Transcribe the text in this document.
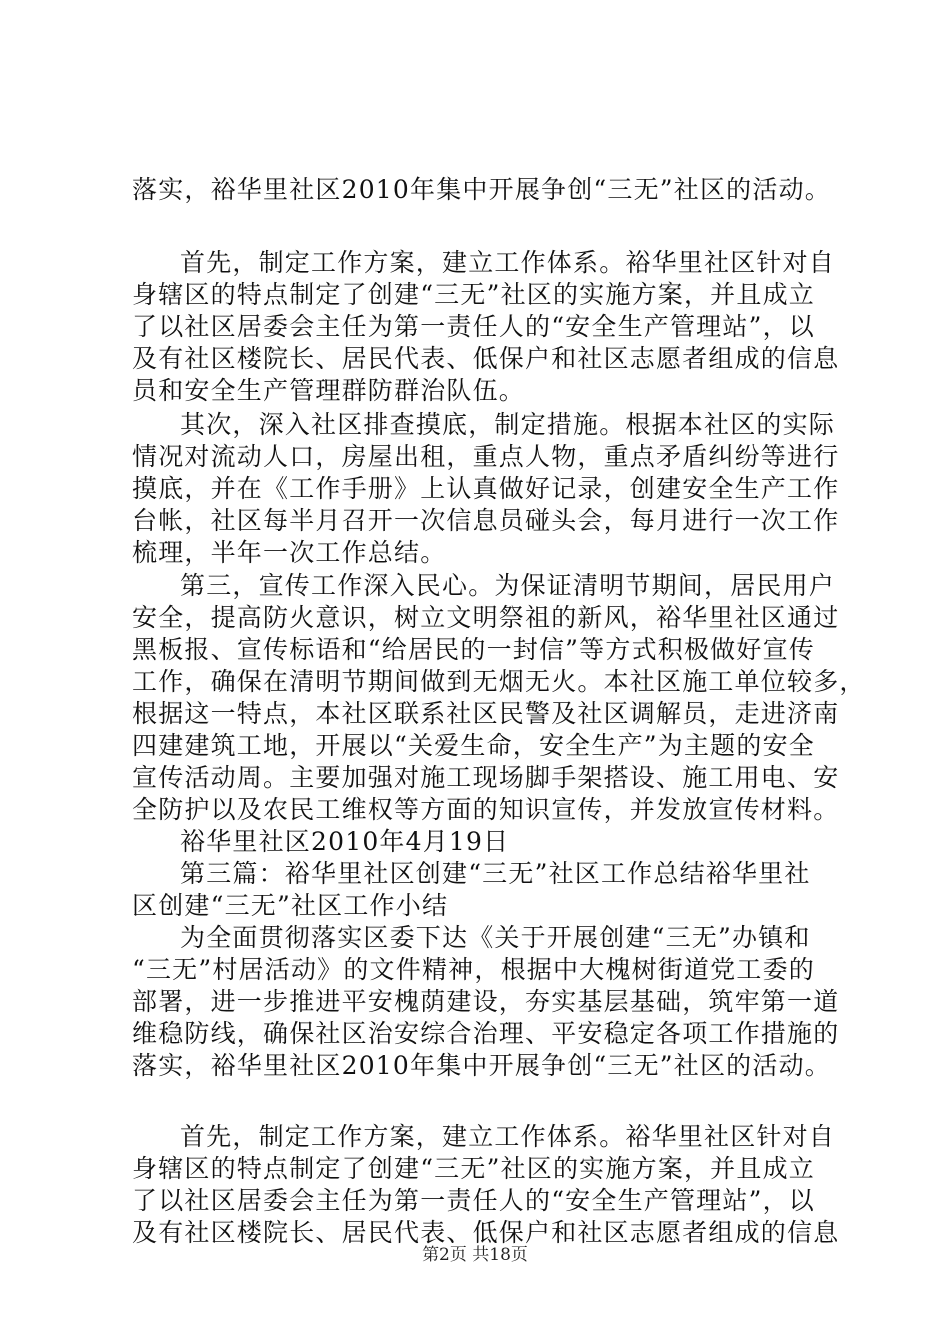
落实，裕华里社区2010年集中开展争创“三无”社区的活动。
首先，制定工作方案，建立工作体系。裕华里社区针对自
身辖区的特点制定了创建“三无”社区的实施方案，并且成立
了以社区居委会主任为第一责任人的“安全生产管理站”，以
及有社区楼院长、居民代表、低保户和社区志愿者组成的信息
员和安全生产管理群防群治队伍。
其次，深入社区排查摸底，制定措施。根据本社区的实际
情况对流动人口，房屋出租，重点人物，重点矛盾纠纷等进行
摸底，并在《工作手册》上认真做好记录，创建安全生产工作
台帐，社区每半月召开一次信息员碰头会，每月进行一次工作
梳理，半年一次工作总结。
第三，宣传工作深入民心。为保证清明节期间，居民用户
安全，提高防火意识，树立文明祭祖的新风，裕华里社区通过
黑板报、宣传标语和“给居民的一封信”等方式积极做好宣传
工作，确保在清明节期间做到无烟无火。本社区施工单位较多，
根据这一特点，本社区联系社区民警及社区调解员，走进济南
四建建筑工地，开展以“关爱生命，安全生产”为主题的安全
宣传活动周。主要加强对施工现场脚手架搭设、施工用电、安
全防护以及农民工维权等方面的知识宣传，并发放宣传材料。
裕华里社区2010年4月19日
第三篇：裕华里社区创建“三无”社区工作总结裕华里社
区创建“三无”社区工作小结
为全面贯彻落实区委下达《关于开展创建“三无”办镇和
“三无”村居活动》的文件精神，根据中大槐树街道党工委的
部署，进一步推进平安槐荫建设，夯实基层基础，筑牢第一道
维稳防线，确保社区治安综合治理、平安稳定各项工作措施的
落实，裕华里社区2010年集中开展争创“三无”社区的活动。
首先，制定工作方案，建立工作体系。裕华里社区针对自
身辖区的特点制定了创建“三无”社区的实施方案，并且成立
了以社区居委会主任为第一责任人的“安全生产管理站”，以
及有社区楼院长、居民代表、低保户和社区志愿者组成的信息
第2页 共18页
